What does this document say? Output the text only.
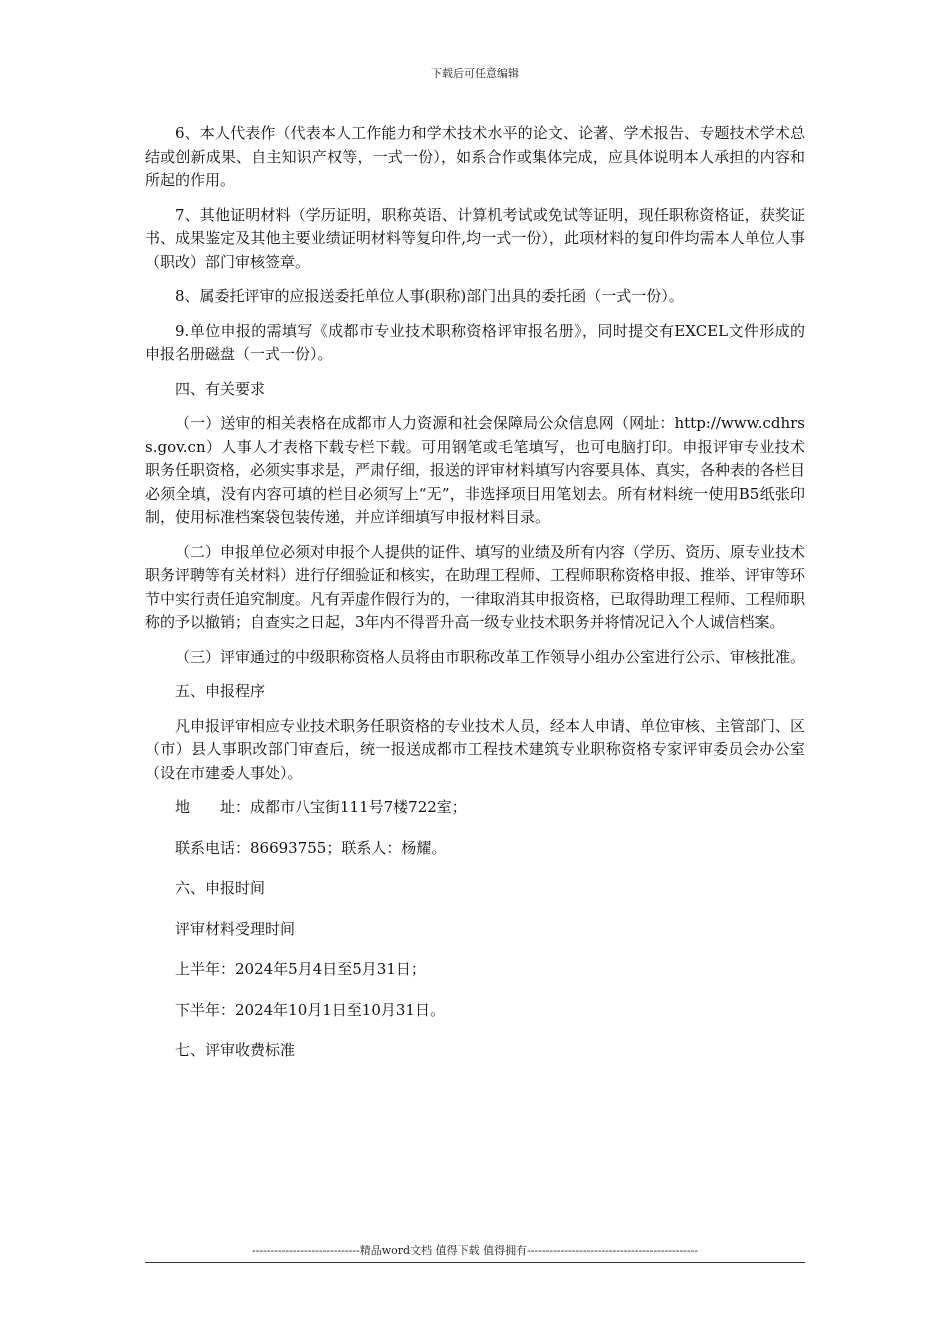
下载后可任意编辑

6、本人代表作（代表本人工作能力和学术技术水平的论文、论著、学术报告、专题技术学术总结或创新成果、自主知识产权等，一式一份），如系合作或集体完成，应具体说明本人承担的内容和所起的作用。

7、其他证明材料（学历证明，职称英语、计算机考试或免试等证明，现任职称资格证，获奖证书、成果鉴定及其他主要业绩证明材料等复印件,均一式一份），此项材料的复印件均需本人单位人事（职改）部门审核签章。

8、属委托评审的应报送委托单位人事(职称)部门出具的委托函（一式一份）。

9.单位申报的需填写《成都市专业技术职称资格评审报名册》，同时提交有EXCEL文件形成的申报名册磁盘（一式一份）。

四、有关要求

（一）送审的相关表格在成都市人力资源和社会保障局公众信息网（网址：http://www.cdhrss.gov.cn）人事人才表格下载专栏下载。可用钢笔或毛笔填写，也可电脑打印。申报评审专业技术职务任职资格，必须实事求是，严肃仔细，报送的评审材料填写内容要具体、真实，各种表的各栏目必须全填，没有内容可填的栏目必须写上“无”，非选择项目用笔划去。所有材料统一使用B5纸张印制，使用标准档案袋包装传递，并应详细填写申报材料目录。

（二）申报单位必须对申报个人提供的证件、填写的业绩及所有内容（学历、资历、原专业技术职务评聘等有关材料）进行仔细验证和核实，在助理工程师、工程师职称资格申报、推举、评审等环节中实行责任追究制度。凡有弄虚作假行为的，一律取消其申报资格，已取得助理工程师、工程师职称的予以撤销；自查实之日起，3年内不得晋升高一级专业技术职务并将情况记入个人诚信档案。

（三）评审通过的中级职称资格人员将由市职称改革工作领导小组办公室进行公示、审核批准。

五、申报程序

凡申报评审相应专业技术职务任职资格的专业技术人员，经本人申请、单位审核、主管部门、区（市）县人事职改部门审查后，统一报送成都市工程技术建筑专业职称资格专家评审委员会办公室（设在市建委人事处）。

地　　址：成都市八宝街111号7楼722室；

联系电话：86693755；联系人：杨耀。

六、申报时间

评审材料受理时间

上半年：2024年5月4日至5月31日；

下半年：2024年10月1日至10月31日。

七、评审收费标准

-----------------------------精品word文档 值得下载 值得拥有----------------------------------------------
